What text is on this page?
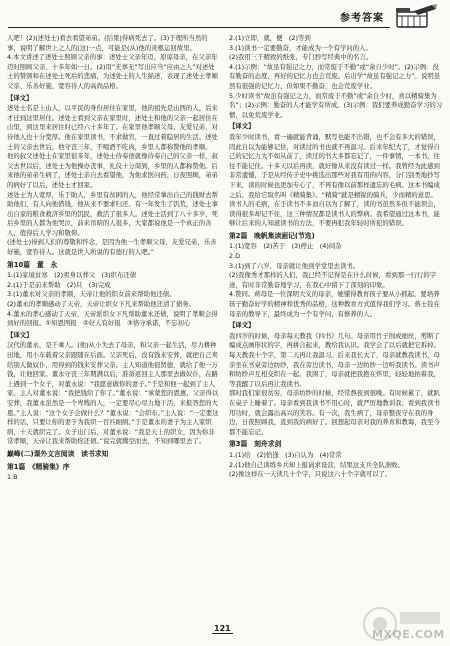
参考答案
人吧！(2)(述处士)看去看望弟弟。(结果)得病死去了。(3)于理所当然的事，说明了解世上之人的(这)一点，可能是(从)他的灵柩运回故里。
4.本文讲述了述处士照顾父亲的事：述处士父亲年迈，原谅母亲，在父亲年迈时照顾父亲，十多年如一日。(2)用“无辜无”写出应当“应由之人”对述处士的赞颂和在述处士死后的悲痛，为述处士的人生描述，表现了述处士孝顺父亲、乐善好施、宽容待人的高尚品格。
【译文】
述处士名是上山人，以平民的身份居住在家里，他的祖先是山西的人，后来才迁到这里居住。述处士看到父亲在家里时，述处士和他的父亲一起居住在山里，到这里来居住时已经六十多年了。在家里他孝顺父母，友爱兄弟，对待他人也十分宽厚。他在家里读书，不求做官，一直过着隐居的生活。述处士的父亲去世后，他守丧三年，不喝酒不吃肉，乡里人都称赞他的孝顺。
他的叔父述处士在家里很多年，述处士侍奉他就像侍奉自己的父亲一样，叔父去世以后，述处士为他操办丧事，礼仪十分周到，乡里的人都称赞他。后来他的弟弟生病了，述处士亲自去看望他，为他求医问药，日夜照顾，弟弟的病好了以后，述处士才回家。
述处士为人宽厚，乐于助人，乡里有贫困的人，他经常拿出自己的钱财去帮助他们，有人向他借钱，他从来不要求归还。有一年发生了饥荒，述处士拿出自家的粮食救济乡里的饥民，救活了很多人。述处士活到了八十多岁，死后乡里的人都为他哭泣，前来吊唁的人很多，大家都说他是一个真正的善人，值得后人学习和敬仰。
(述处士)得到人们的尊敬和怀念，是因为他一生孝顺父母，友爱兄弟，乐善好施，宽容待人。这就是世人所说的有德行的人吧。”
第10篇　董　永
1.(1)家境贫寒　(2)卖身以葬父　(3)织布还债
2.(1)于是前来帮助　(2)只　(3)完成
3.(1)董永对父亲的孝顺，天帝让他的织女前来帮助他还债。
(2)董永的孝顺感动了天帝，天帝让织女下凡来帮助他还清了债务。
4.董永的孝心感动了天帝，天帝派织女下凡帮助董永还债，说明了孝顺会得到好的回报。①知恩图报　②好人有好报　③恪守承诺，不忘初心
【译文】
汉代的董永，是千乘人。(他)从小失去了母亲，和父亲一起生活，尽力耕种田地，用小车载着父亲跟随在后面。父亲死后，没有钱来安葬，就把自己卖给别人做奴仆，用得到的钱来安葬父亲。主人知道他很贤德，就给了他一万钱，让他回家。董永守丧三年期满以后，准备返回主人那里去做奴仆，在路上遇到一个女子，对董永说：“我愿意做你的妻子。”于是和他一起到了主人家。主人对董永说：“我把钱给了你了。”董永说：“承蒙您的恩惠，父亲得以安葬，我董永虽然是一个卑贱的人，一定要尽心尽力地干活，来报答您的大恩。”主人说：“这个女子会做什么？”董永说：“会织布。”主人说：“一定要这样的话，只要让你的妻子为我织一百匹细绢。”于是董永的妻子为主人家织绢，十天就织完了。女子出门后，对董永说：“我是天上的织女，因为你非常孝顺，天帝让我来帮助你还债。”说完就腾空而去，不知到哪里去了。
巅峰(二)课外文言阅读　读书求知
第1篇　《精骑集》序
1.B
2.(1)立即，就，便　(2)等到
3.(1)读书一定要勤奋，才能成为一个有学问的人。
(2)我用三千精致的纸张，专门抄写经典中的名言。
4.(1)示例：“故虽有强记之力，而常废于不勤”或“余自少时”。(2)示例：没有勤奋的态度，再好的记忆力也会荒废。后出学“故虽有强记之力”。说明虽然有很强的记忆力，但如果不勤奋，也会荒废学业。
5.少时读书“故虽有强记之力，而常废于不勤”或“余自少时，喜以精骑集为名”；(2)示例：勤奋的人才能学有所成。(3)示例：我们要养成勤奋学习的习惯，以免荒废学业。
【译文】
我年少时读书，看一遍就能背诵，默写也能不出错，也不会有多大的错误，因此自以为能够记住，对读过的书也就不再温习。后来年纪大了，才觉得自己的记忆力大不如从前了，读过的书大多都忘记了，一件事情，一本书，往往不能记住。十多天以后再读，就好像从来没有读过一样。我曾经为此感到非常遗憾，于是从经传子史中挑选出那些对我有用的内容，分门别类地抄写下来，读的时候也更加专心了，不再有像以前那样遗忘的毛病。这本书编成之后，我给它取名叫《精骑集》。“精骑”就是精锐的骑兵，少而精的意思。
读书人的毛病，在于读书不多而自以为了解了，读的书虽然多但不能领会，读得很多却记不住，这三种情况都是读书人的弊病。我希望通过这本书，能够让后来的人知道读书的方法，不要再犯我年轻时所犯的错误。
第2篇　晚帆集读画记(节选)
1.(1)宽容　(2)苦于　(3)停止　(4)间杂
2.D
3.(1)到了六岁，母亲就让他到学堂里去读书。
(2)我像秀才那样的人们，我已经不记得是在什么时候，看到那一行行的字迹，有时非常勤奋地学习，在我心中留下了深刻的印象。
4.赞同。蒋母是一位深明大义的母亲，她懂得教育孩子要从小抓起，要培养孩子勤奋好学的精神和优秀的品格，这种教育方式值得我们学习。蒋士铨在母亲的教导下，最终成为一个有学问、有修养的人。
【译文】
我四岁的时候，母亲每天教我《四书》几句。母亲用竹子削成细丝，剪断了编成点画形状的字，再拼合起来，教给我认识。我学会了以后就把它拆掉。每天教我十个字，第二天再让我温习。后来我长大了，母亲就教我读书，母亲坐在书桌旁边纺纱，我在旁边读书，母亲一边纺纱一边听我读书。读书声和纺纱声互相交织在一起。我困了，母亲就把我抱在怀里，轻轻地拍着我，等我醒了以后再让我读书。
那时我们家很贫穷，母亲纺纱的时候，经常熬夜到很晚。有时候累了，就趴在桌子上睡着了。母亲看到我读书不用心时，就严厉地教训我；看到我读书用功时，就会露出高兴的笑容。有一次，我生病了，母亲整夜守在我的身边，日夜照顾我，直到我的病好了。回想起母亲对我的养育和教诲，我至今都不能忘记。
第3篇　刻舟求剑
1.(1)给　(2)恰逢　(3)自认为　(4)常常
2.(1)他自己训练乡兵却上报请求设营，结果这支兵全队溃败。
(2)像这样在一天读几十个字，只说这六十个字就可以了。
121	MXQE.COM
